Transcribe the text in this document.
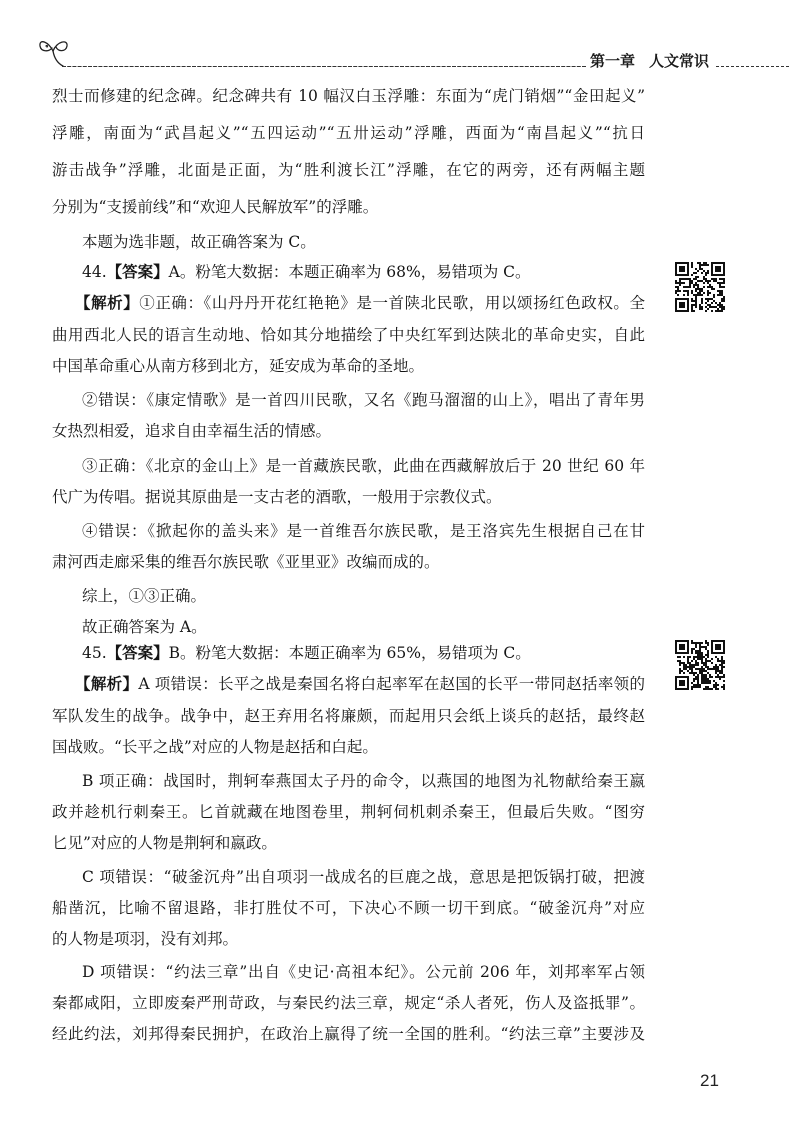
第一章 人文常识
烈士而修建的纪念碑。纪念碑共有 10 幅汉白玉浮雕：东面为“虎门销烟”“金田起义”
浮雕，南面为“武昌起义”“五四运动”“五卅运动”浮雕，西面为“南昌起义”“抗日
游击战争”浮雕，北面是正面，为“胜利渡长江”浮雕，在它的两旁，还有两幅主题
分别为“支援前线”和“欢迎人民解放军”的浮雕。
本题为选非题，故正确答案为 C。
44.【答案】A。粉笔大数据：本题正确率为 68%，易错项为 C。
【解析】①正确：《山丹丹开花红艳艳》是一首陕北民歌，用以颂扬红色政权。全
曲用西北人民的语言生动地、恰如其分地描绘了中央红军到达陕北的革命史实，自此
中国革命重心从南方移到北方，延安成为革命的圣地。
②错误：《康定情歌》是一首四川民歌，又名《跑马溜溜的山上》，唱出了青年男
女热烈相爱，追求自由幸福生活的情感。
③正确：《北京的金山上》是一首藏族民歌，此曲在西藏解放后于 20 世纪 60 年
代广为传唱。据说其原曲是一支古老的酒歌，一般用于宗教仪式。
④错误：《掀起你的盖头来》是一首维吾尔族民歌，是王洛宾先生根据自己在甘
肃河西走廊采集的维吾尔族民歌《亚里亚》改编而成的。
综上，①③正确。
故正确答案为 A。
45.【答案】B。粉笔大数据：本题正确率为 65%，易错项为 C。
【解析】A 项错误：长平之战是秦国名将白起率军在赵国的长平一带同赵括率领的
军队发生的战争。战争中，赵王弃用名将廉颇，而起用只会纸上谈兵的赵括，最终赵
国战败。“长平之战”对应的人物是赵括和白起。
B 项正确：战国时，荆轲奉燕国太子丹的命令，以燕国的地图为礼物献给秦王嬴
政并趁机行刺秦王。匕首就藏在地图卷里，荆轲伺机刺杀秦王，但最后失败。“图穷
匕见”对应的人物是荆轲和嬴政。
C 项错误：“破釜沉舟”出自项羽一战成名的巨鹿之战，意思是把饭锅打破，把渡
船凿沉，比喻不留退路，非打胜仗不可，下决心不顾一切干到底。“破釜沉舟”对应
的人物是项羽，没有刘邦。
D 项错误：“约法三章”出自《史记·高祖本纪》。公元前 206 年，刘邦率军占领
秦都咸阳，立即废秦严刑苛政，与秦民约法三章，规定“杀人者死，伤人及盗抵罪”。
经此约法，刘邦得秦民拥护，在政治上赢得了统一全国的胜利。“约法三章”主要涉及
21
